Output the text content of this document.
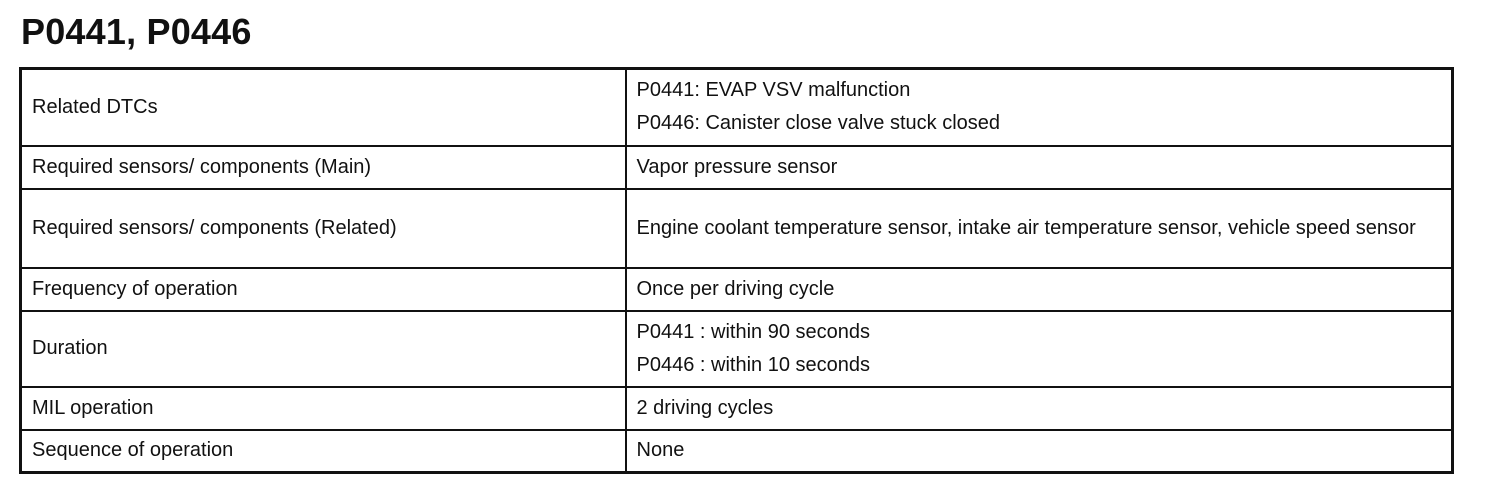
P0441, P0446
Related DTCs	P0441: EVAP VSV malfunction
P0446: Canister close valve stuck closed

Required sensors/ components (Main)	Vapor pressure sensor

Required sensors/ components (Related)	Engine coolant temperature sensor, intake air temperature sensor, vehicle speed sensor

Frequency of operation	Once per driving cycle

Duration	P0441 : within 90 seconds
P0446 : within 10 seconds

MIL operation	2 driving cycles

Sequence of operation	None
